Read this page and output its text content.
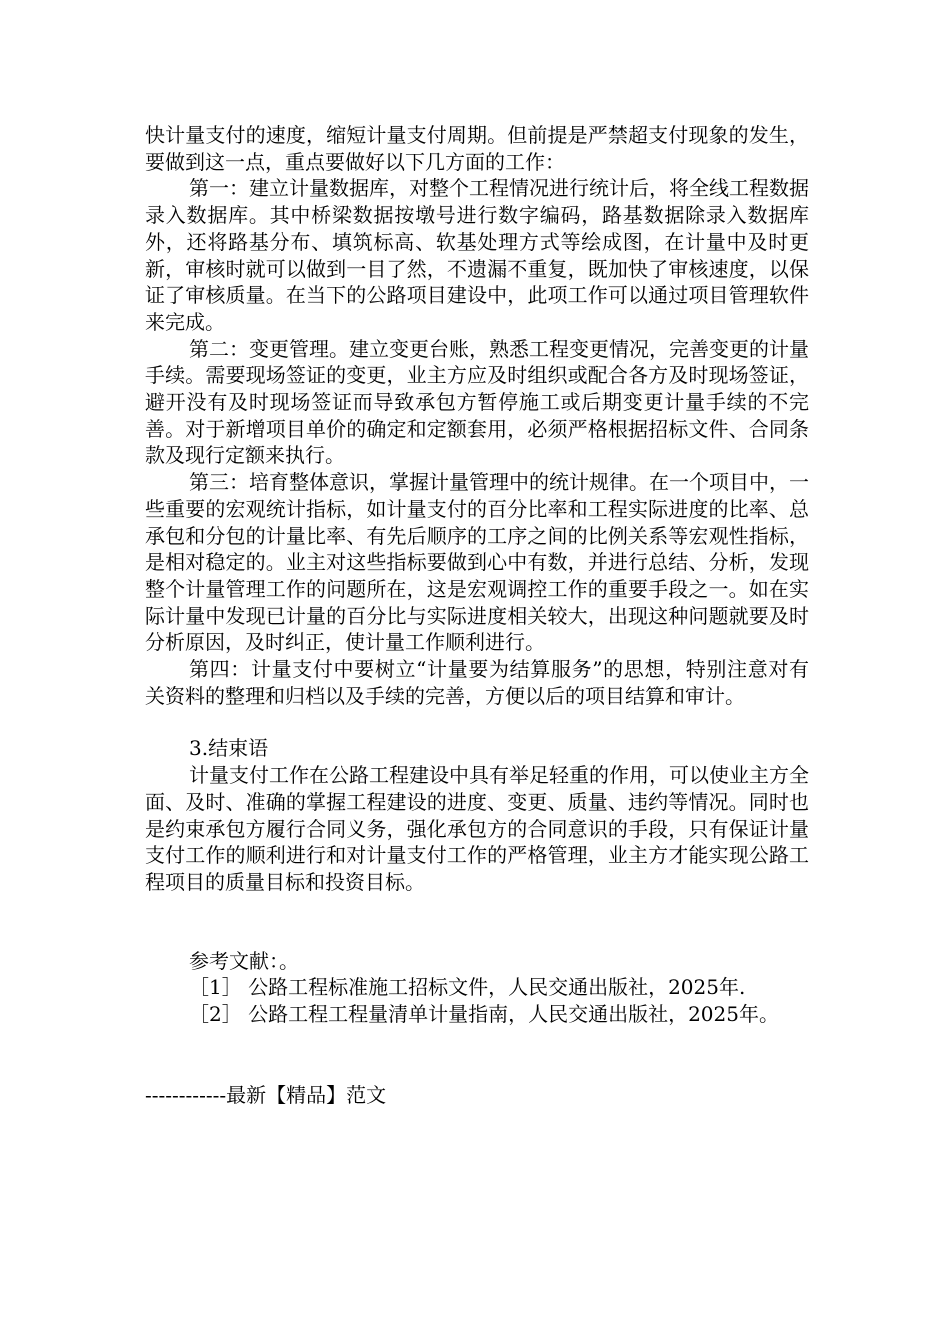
快计量支付的速度，缩短计量支付周期。但前提是严禁超支付现象的发生，要做到这一点，重点要做好以下几方面的工作：

第一：建立计量数据库，对整个工程情况进行统计后，将全线工程数据录入数据库。其中桥梁数据按墩号进行数字编码，路基数据除录入数据库外，还将路基分布、填筑标高、软基处理方式等绘成图，在计量中及时更新，审核时就可以做到一目了然，不遗漏不重复，既加快了审核速度，以保证了审核质量。在当下的公路项目建设中，此项工作可以通过项目管理软件来完成。

第二：变更管理。建立变更台账，熟悉工程变更情况，完善变更的计量手续。需要现场签证的变更，业主方应及时组织或配合各方及时现场签证，避开没有及时现场签证而导致承包方暂停施工或后期变更计量手续的不完善。对于新增项目单价的确定和定额套用，必须严格根据招标文件、合同条款及现行定额来执行。

第三：培育整体意识，掌握计量管理中的统计规律。在一个项目中，一些重要的宏观统计指标，如计量支付的百分比率和工程实际进度的比率、总承包和分包的计量比率、有先后顺序的工序之间的比例关系等宏观性指标，是相对稳定的。业主对这些指标要做到心中有数，并进行总结、分析，发现整个计量管理工作的问题所在，这是宏观调控工作的重要手段之一。如在实际计量中发现已计量的百分比与实际进度相关较大，出现这种问题就要及时分析原因，及时纠正，使计量工作顺利进行。

第四：计量支付中要树立“计量要为结算服务”的思想，特别注意对有关资料的整理和归档以及手续的完善，方便以后的项目结算和审计。

3.结束语

计量支付工作在公路工程建设中具有举足轻重的作用，可以使业主方全面、及时、准确的掌握工程建设的进度、变更、质量、违约等情况。同时也是约束承包方履行合同义务，强化承包方的合同意识的手段，只有保证计量支付工作的顺利进行和对计量支付工作的严格管理，业主方才能实现公路工程项目的质量目标和投资目标。

参考文献：。

［1］ 公路工程标准施工招标文件，人民交通出版社，2025年.

［2］ 公路工程工程量清单计量指南，人民交通出版社，2025年。

------------最新【精品】范文
